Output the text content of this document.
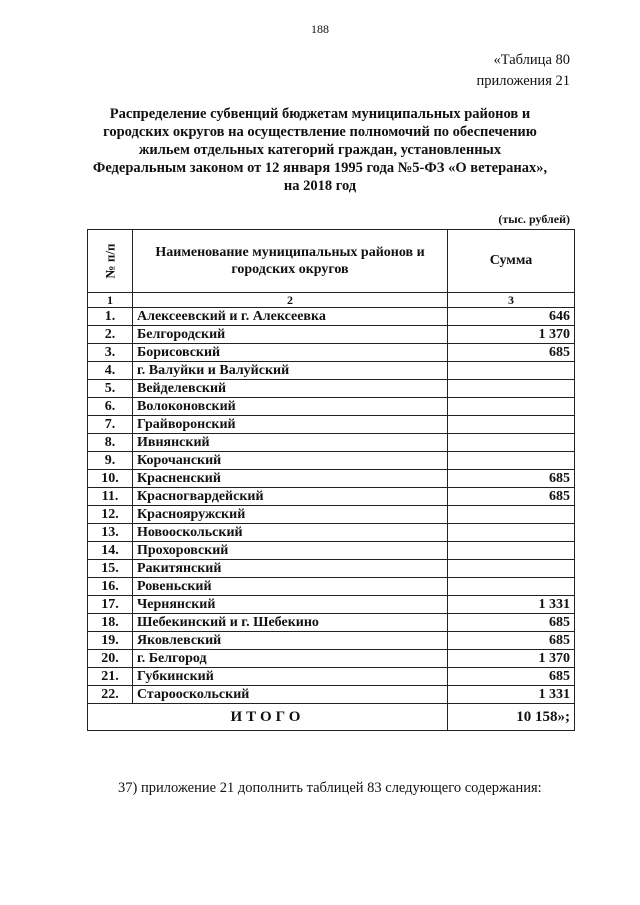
188
«Таблица 80
приложения 21
Распределение субвенций бюджетам муниципальных районов и
городских округов на осуществление полномочий по обеспечению
жильем отдельных категорий граждан, установленных
Федеральным законом от 12 января 1995 года №5-ФЗ «О ветеранах»,
на 2018 год
(тыс. рублей)
№ п/п	Наименование муниципальных районов и городских округов	Сумма
1	2	3
1.	Алексеевский и г. Алексеевка	646
2.	Белгородский	1 370
3.	Борисовский	685
4.	г. Валуйки и Валуйский	
5.	Вейделевский	
6.	Волоконовский	
7.	Грайворонский	
8.	Ивнянский	
9.	Корочанский	
10.	Красненский	685
11.	Красногвардейский	685
12.	Краснояружский	
13.	Новооскольский	
14.	Прохоровский	
15.	Ракитянский	
16.	Ровеньский	
17.	Чернянский	1 331
18.	Шебекинский и г. Шебекино	685
19.	Яковлевский	685
20.	г. Белгород	1 370
21.	Губкинский	685
22.	Старооскольский	1 331
ИТОГО		10 158»;
37) приложение 21 дополнить таблицей 83 следующего содержания:
